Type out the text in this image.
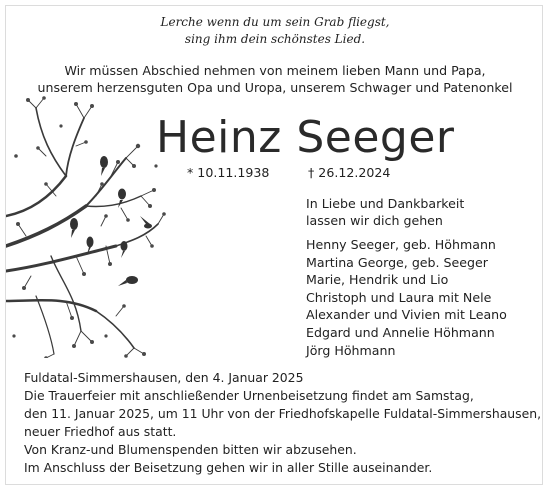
Lerche wenn du um sein Grab fliegst,
sing ihm dein schönstes Lied.
Wir müssen Abschied nehmen von meinem lieben Mann und Papa,
unserem herzensguten Opa und Uropa, unserem Schwager und Patenonkel
Heinz Seeger
* 10.11.1938	† 26.12.2024
In Liebe und Dankbarkeit
lassen wir dich gehen
Henny Seeger, geb. Höhmann
Martina George, geb. Seeger
Marie, Hendrik und Lio
Christoph und Laura mit Nele
Alexander und Vivien mit Leano
Edgard und Annelie Höhmann
Jörg Höhmann
Fuldatal-Simmershausen, den 4. Januar 2025
Die Trauerfeier mit anschließender Urnenbeisetzung findet am Samstag,
den 11. Januar 2025, um 11 Uhr von der Friedhofskapelle Fuldatal-Simmershausen,
neuer Friedhof aus statt.
Von Kranz-und Blumenspenden bitten wir abzusehen.
Im Anschluss der Beisetzung gehen wir in aller Stille auseinander.
